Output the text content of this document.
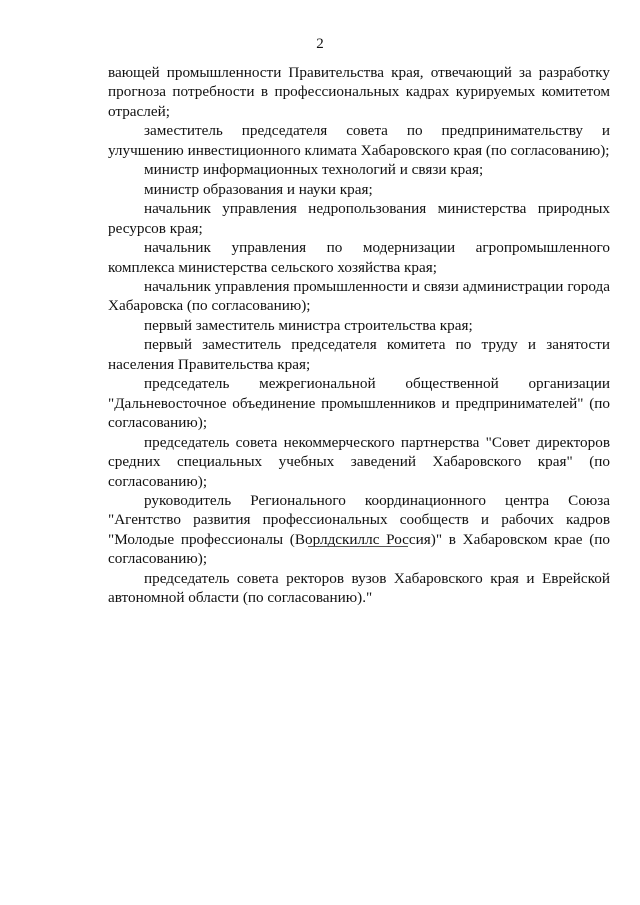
2

вающей промышленности Правительства края, отвечающий за разработку прогноза потребности в профессиональных кадрах курируемых комитетом отраслей;

заместитель председателя совета по предпринимательству и улучшению инвестиционного климата Хабаровского края (по согласованию);

министр информационных технологий и связи края;

министр образования и науки края;

начальник управления недропользования министерства природных ресурсов края;

начальник управления по модернизации агропромышленного комплекса министерства сельского хозяйства края;

начальник управления промышленности и связи администрации города Хабаровска (по согласованию);

первый заместитель министра строительства края;

первый заместитель председателя комитета по труду и занятости населения Правительства края;

председатель межрегиональной общественной организации "Дальневосточное объединение промышленников и предпринимателей" (по согласованию);

председатель совета некоммерческого партнерства "Совет директоров средних специальных учебных заведений Хабаровского края" (по согласованию);

руководитель Регионального координационного центра Союза "Агентство развития профессиональных сообществ и рабочих кадров "Молодые профессионалы (Ворлдскиллс Россия)" в Хабаровском крае (по согласованию);

председатель совета ректоров вузов Хабаровского края и Еврейской автономной области (по согласованию)."
